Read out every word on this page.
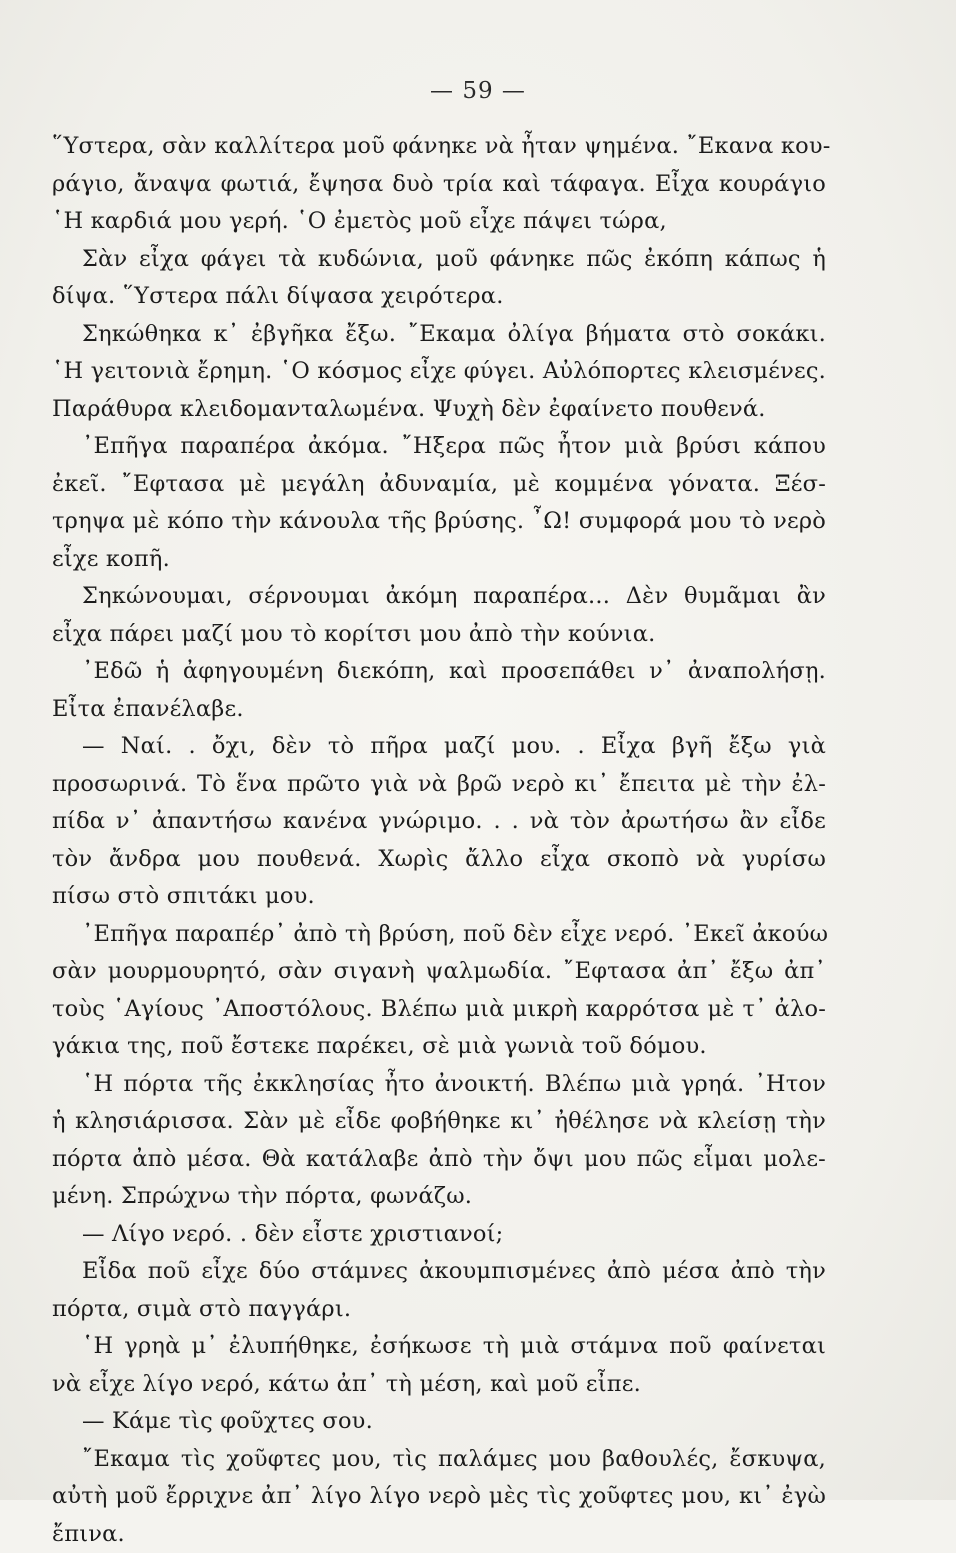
— 59 —
῞Υστερα, σὰν καλλίτερα μοῦ φάνηκε νὰ ἦταν ψημένα. ῎Εκανα κου-
ράγιο, ἄναψα φωτιά, ἔψησα δυὸ τρία καὶ τάφαγα. Εἶχα κουράγιο
῾Η καρδιά μου γερή. ῾Ο ἐμετὸς μοῦ εἶχε πάψει τώρα,
Σὰν εἶχα φάγει τὰ κυδώνια, μοῦ φάνηκε πῶς ἐκόπη κάπως ἡ
δίψα. ῞Υστερα πάλι δίψασα χειρότερα.
Σηκώθηκα κ᾽ ἐβγῆκα ἔξω. ῎Εκαμα ὀλίγα βήματα στὸ σοκάκι.
῾Η γειτονιὰ ἔρημη. ῾Ο κόσμος εἶχε φύγει. Αὐλόπορτες κλεισμένες.
Παράθυρα κλειδομανταλωμένα. Ψυχὴ δὲν ἐφαίνετο πουθενά.
᾽Επῆγα παραπέρα ἀκόμα. ῎Ηξερα πῶς ἦτον μιὰ βρύσι κάπου
ἐκεῖ. ῎Εφτασα μὲ μεγάλη ἀδυναμία, μὲ κομμένα γόνατα. Ξέσ-
τρηψα μὲ κόπο τὴν κάνουλα τῆς βρύσης. ῏Ω! συμφορά μου τὸ νερὸ
εἶχε κοπῆ.
Σηκώνουμαι, σέρνουμαι ἀκόμη παραπέρα... Δὲν θυμᾶμαι ἂν
εἶχα πάρει μαζί μου τὸ κορίτσι μου ἀπὸ τὴν κούνια.
᾽Εδῶ ἡ ἀφηγουμένη διεκόπη, καὶ προσεπάθει ν᾽ ἀναπολήσῃ.
Εἶτα ἐπανέλαβε.
— Ναί. . ὄχι, δὲν τὸ πῆρα μαζί μου. . Εἶχα βγῆ ἔξω γιὰ
προσωρινά. Τὸ ἕνα πρῶτο γιὰ νὰ βρῶ νερὸ κι᾽ ἔπειτα μὲ τὴν ἐλ-
πίδα ν᾽ ἀπαντήσω κανένα γνώριμο. . . νὰ τὸν ἀρωτήσω ἂν εἶδε
τὸν ἄνδρα μου πουθενά. Χωρὶς ἄλλο εἶχα σκοπὸ νὰ γυρίσω
πίσω στὸ σπιτάκι μου.
᾽Επῆγα παραπέρ᾽ ἀπὸ τὴ βρύση, ποῦ δὲν εἶχε νερό. ᾽Εκεῖ ἀκούω
σὰν μουρμουρητό, σὰν σιγανὴ ψαλμωδία. ῎Εφτασα ἀπ᾽ ἔξω ἀπ᾽
τοὺς ῾Αγίους ᾽Αποστόλους. Βλέπω μιὰ μικρὴ καρρότσα μὲ τ᾽ ἀλο-
γάκια της, ποῦ ἔστεκε παρέκει, σὲ μιὰ γωνιὰ τοῦ δόμου.
῾Η πόρτα τῆς ἐκκλησίας ἦτο ἀνοικτή. Βλέπω μιὰ γρηά. ᾽Ητον
ἡ κλησιάρισσα. Σὰν μὲ εἶδε φοβήθηκε κι᾽ ἠθέλησε νὰ κλείσῃ τὴν
πόρτα ἀπὸ μέσα. Θὰ κατάλαβε ἀπὸ τὴν ὄψι μου πῶς εἶμαι μολε-
μένη. Σπρώχνω τὴν πόρτα, φωνάζω.
— Λίγο νερό. . δὲν εἶστε χριστιανοί;
Εἶδα ποῦ εἶχε δύο στάμνες ἀκουμπισμένες ἀπὸ μέσα ἀπὸ τὴν
πόρτα, σιμὰ στὸ παγγάρι.
῾Η γρηὰ μ᾽ ἐλυπήθηκε, ἐσήκωσε τὴ μιὰ στάμνα ποῦ φαίνεται
νὰ εἶχε λίγο νερό, κάτω ἀπ᾽ τὴ μέση, καὶ μοῦ εἶπε.
— Κάμε τὶς φοῦχτες σου.
῎Εκαμα τὶς χοῦφτες μου, τὶς παλάμες μου βαθουλές, ἔσκυψα,
αὐτὴ μοῦ ἔρριχνε ἀπ᾽ λίγο λίγο νερὸ μὲς τὶς χοῦφτες μου, κι᾽ ἐγὼ
ἔπινα.
